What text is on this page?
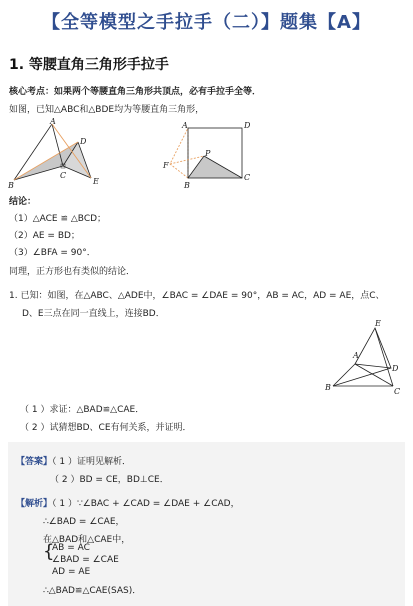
【全等模型之手拉手（二）】题集【A】
1. 等腰直角三角形手拉手
核心考点：如果两个等腰直角三角形共顶点，必有手拉手全等．
如图，已知△ABC和△BDE均为等腰直角三角形，
A
B
C
D
E
A	D
B
C
P
F
结论：
（1）△ACE ≌ △BCD；
（2）AE = BD；
（3）∠BFA = 90°．
同理，正方形也有类似的结论．
1. 已知：如图，在△ABC、△ADE中，∠BAC = ∠DAE = 90°，AB = AC，AD = AE，点C、
D、E三点在同一直线上，连接BD．
E
A
D
B	C
（ 1 ）求证：△BAD≌△CAE．
（ 2 ）试猜想BD、CE有何关系，并证明．
【答案】（ 1 ）证明见解析．
（ 2 ）BD = CE，BD⊥CE．
【解析】（ 1 ）∵∠BAC + ∠CAD = ∠DAE + ∠CAD，
∴∠BAD = ∠CAE，
在△BAD和△CAE中，
{
AB = AC
∠BAD = ∠CAE
AD = AE
∴△BAD≌△CAE(SAS)．
